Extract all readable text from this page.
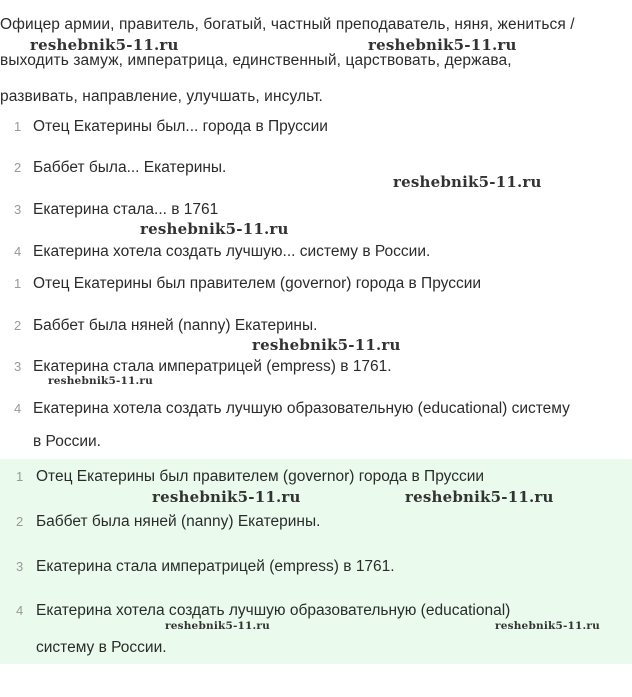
Офицер армии, правитель, богатый, частный преподаватель, няня, жениться /
выходить замуж, императрица, единственный, царствовать, держава,
развивать, направление, улучшать, инсульт.
1 Отец Екатерины был... города в Пруссии
2 Баббет была... Екатерины.
3 Екатерина стала... в 1761
4 Екатерина хотела создать лучшую... систему в России.
1 Отец Екатерины был правителем (governor) города в Пруссии
2 Баббет была няней (nanny) Екатерины.
3 Екатерина стала императрицей (empress) в 1761.
4 Екатерина хотела создать лучшую образовательную (educational) систему
в России.
1 Отец Екатерины был правителем (governor) города в Пруссии
2 Баббет была няней (nanny) Екатерины.
3 Екатерина стала императрицей (empress) в 1761.
4 Екатерина хотела создать лучшую образовательную (educational)
систему в России.
reshebnik5-11.ru	reshebnik5-11.ru
reshebnik5-11.ru
reshebnik5-11.ru
reshebnik5-11.ru
reshebnik5-11.ru
reshebnik5-11.ru	reshebnik5-11.ru
reshebnik5-11.ru	reshebnik5-11.ru
